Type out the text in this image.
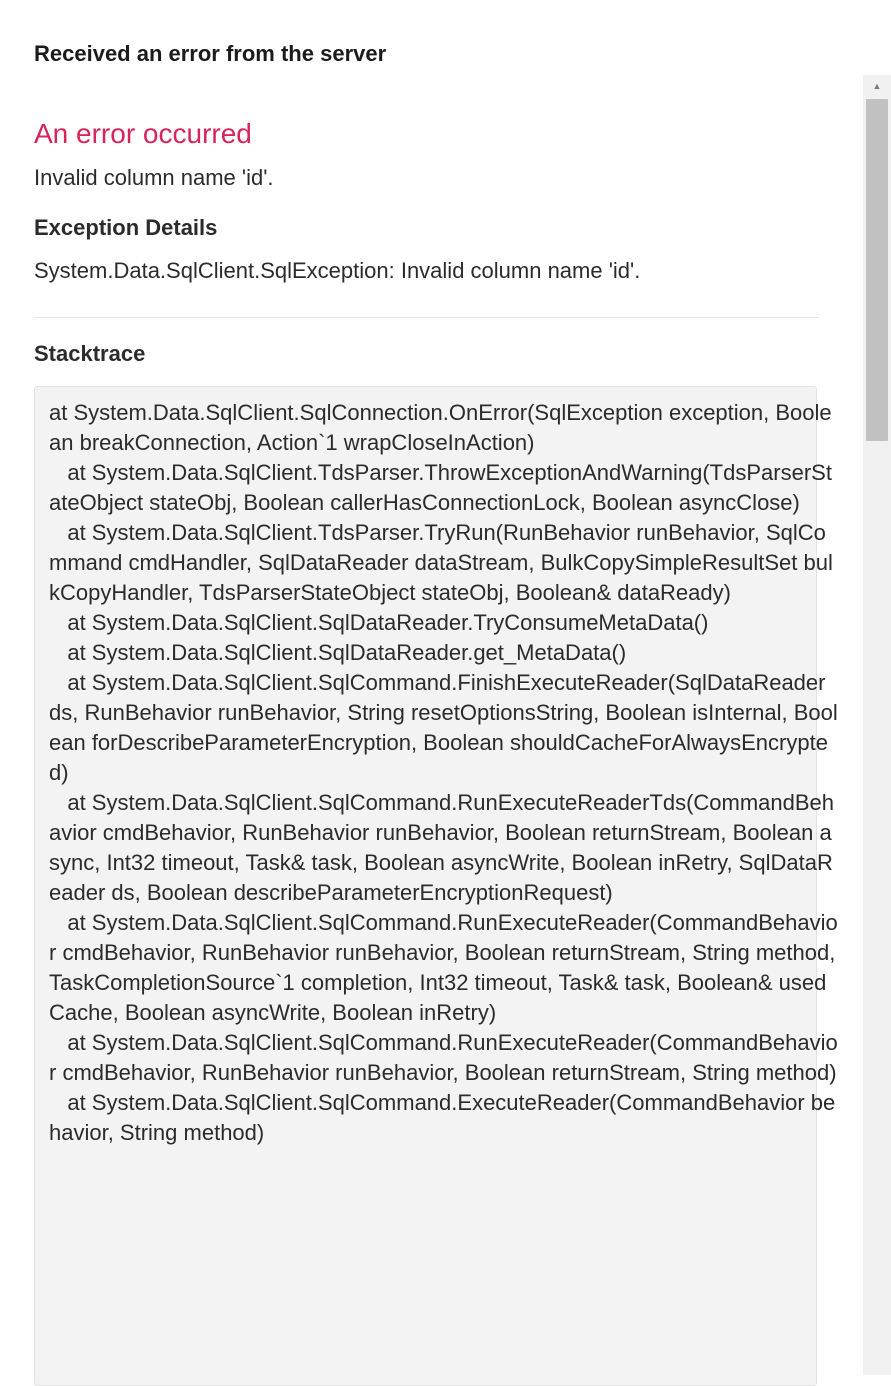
Received an error from the server
An error occurred

Invalid column name 'id'.

Exception Details

System.Data.SqlClient.SqlException: Invalid column name 'id'.

Stacktrace
at System.Data.SqlClient.SqlConnection.OnError(SqlException exception, Boolean breakConnection, Action`1 wrapCloseInAction)
at System.Data.SqlClient.TdsParser.ThrowExceptionAndWarning(TdsParserStateObject stateObj, Boolean callerHasConnectionLock, Boolean asyncClose)
at System.Data.SqlClient.TdsParser.TryRun(RunBehavior runBehavior, SqlCommand cmdHandler, SqlDataReader dataStream, BulkCopySimpleResultSet bulkCopyHandler, TdsParserStateObject stateObj, Boolean& dataReady)
at System.Data.SqlClient.SqlDataReader.TryConsumeMetaData()
at System.Data.SqlClient.SqlDataReader.get_MetaData()
at System.Data.SqlClient.SqlCommand.FinishExecuteReader(SqlDataReader ds, RunBehavior runBehavior, String resetOptionsString, Boolean isInternal, Boolean forDescribeParameterEncryption, Boolean shouldCacheForAlwaysEncrypted)
at System.Data.SqlClient.SqlCommand.RunExecuteReaderTds(CommandBehavior cmdBehavior, RunBehavior runBehavior, Boolean returnStream, Boolean async, Int32 timeout, Task& task, Boolean asyncWrite, Boolean inRetry, SqlDataReader ds, Boolean describeParameterEncryptionRequest)
at System.Data.SqlClient.SqlCommand.RunExecuteReader(CommandBehavior cmdBehavior, RunBehavior runBehavior, Boolean returnStream, String method, TaskCompletionSource`1 completion, Int32 timeout, Task& task, Boolean& usedCache, Boolean asyncWrite, Boolean inRetry)
at System.Data.SqlClient.SqlCommand.RunExecuteReader(CommandBehavior cmdBehavior, RunBehavior runBehavior, Boolean returnStream, String method)
at System.Data.SqlClient.SqlCommand.ExecuteReader(CommandBehavior behavior, String method)
▲
